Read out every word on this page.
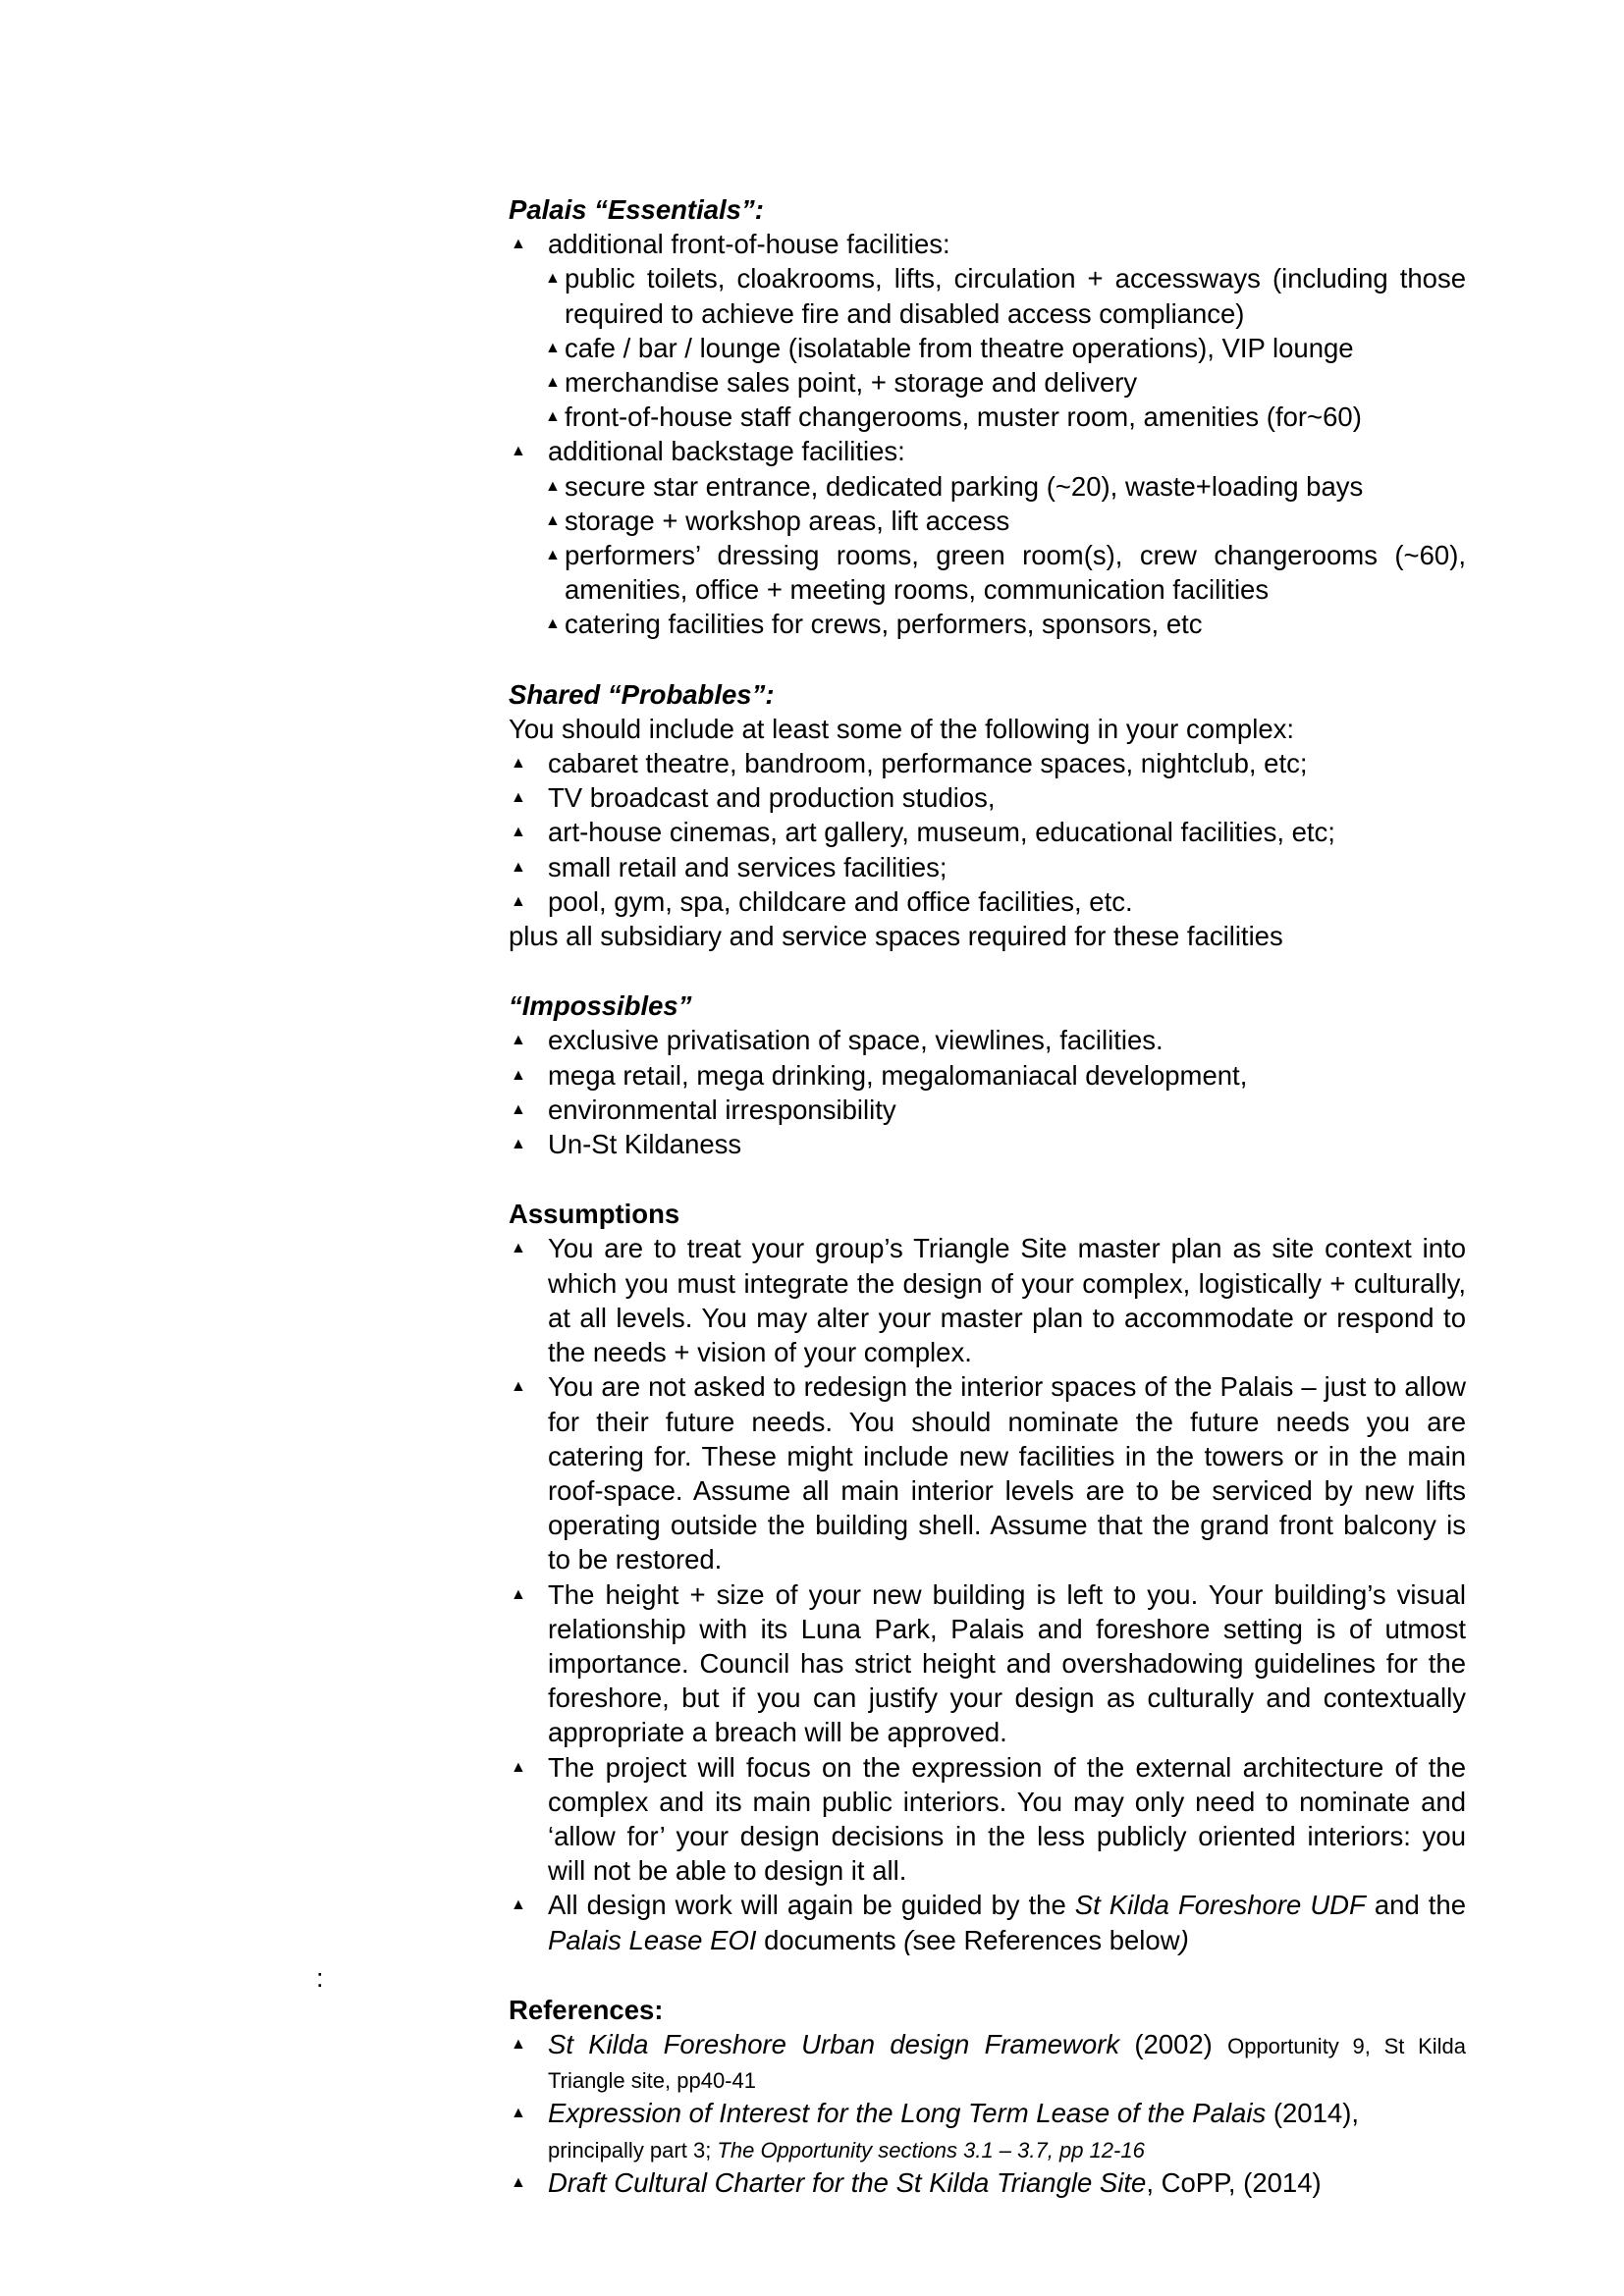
:
Palais “Essentials”:
▲ additional front-of-house facilities:
▲ public toilets, cloakrooms, lifts, circulation + accessways (including those required to achieve fire and disabled access compliance)
▲ cafe / bar / lounge (isolatable from theatre operations), VIP lounge
▲ merchandise sales point, + storage and delivery
▲ front-of-house staff changerooms, muster room, amenities (for~60)
▲ additional backstage facilities:
▲ secure star entrance, dedicated parking (~20), waste+loading bays
▲ storage + workshop areas, lift access
▲ performers’ dressing rooms, green room(s), crew changerooms (~60), amenities, office + meeting rooms, communication facilities
▲ catering facilities for crews, performers, sponsors, etc
Shared “Probables”:
You should include at least some of the following in your complex:
▲ cabaret theatre, bandroom, performance spaces, nightclub, etc;
▲ TV broadcast and production studios,
▲ art-house cinemas, art gallery, museum, educational facilities, etc;
▲ small retail and services facilities;
▲ pool, gym, spa, childcare and office facilities, etc.
plus all subsidiary and service spaces required for these facilities
“Impossibles”
▲ exclusive privatisation of space, viewlines, facilities.
▲ mega retail, mega drinking, megalomaniacal development,
▲ environmental irresponsibility
▲ Un-St Kildaness
Assumptions
▲ You are to treat your group’s Triangle Site master plan as site context into which you must integrate the design of your complex, logistically + culturally, at all levels. You may alter your master plan to accommodate or respond to the needs + vision of your complex.
▲ You are not asked to redesign the interior spaces of the Palais – just to allow for their future needs. You should nominate the future needs you are catering for. These might include new facilities in the towers or in the main roof-space. Assume all main interior levels are to be serviced by new lifts operating outside the building shell. Assume that the grand front balcony is to be restored.
▲ The height + size of your new building is left to you. Your building’s visual relationship with its Luna Park, Palais and foreshore setting is of utmost importance. Council has strict height and overshadowing guidelines for the foreshore, but if you can justify your design as culturally and contextually appropriate a breach will be approved.
▲ The project will focus on the expression of the external architecture of the complex and its main public interiors. You may only need to nominate and ‘allow for’ your design decisions in the less publicly oriented interiors: you will not be able to design it all.
▲ All design work will again be guided by the St Kilda Foreshore UDF and the Palais Lease EOI documents (see References below)
References:
▲ St Kilda Foreshore Urban design Framework (2002) Opportunity 9, St Kilda Triangle site, pp40-41
▲ Expression of Interest for the Long Term Lease of the Palais (2014),
principally part 3; The Opportunity sections 3.1 – 3.7, pp 12-16
▲ Draft Cultural Charter for the St Kilda Triangle Site, CoPP, (2014)
